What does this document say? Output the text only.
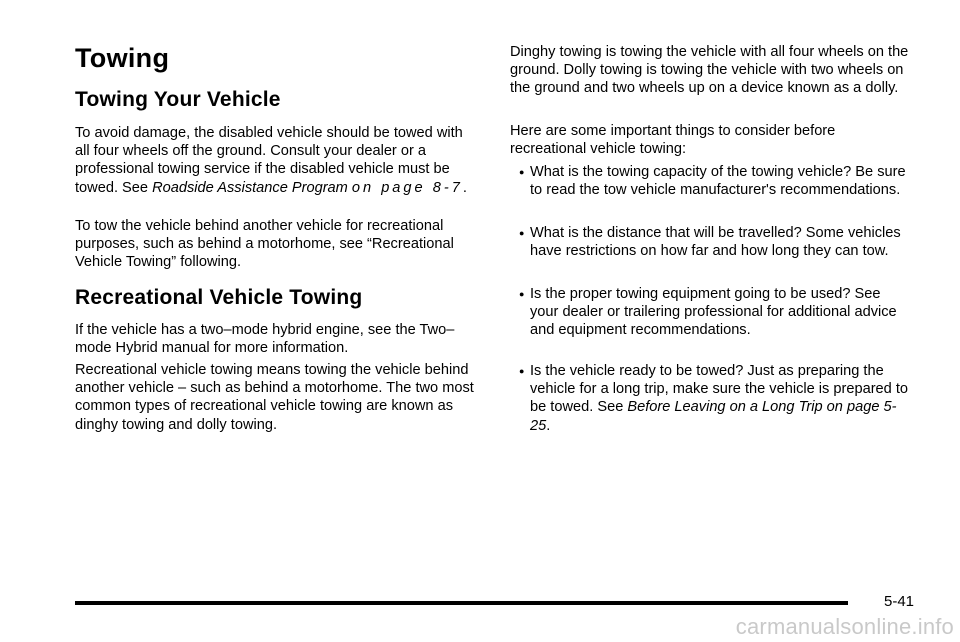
Towing
Towing Your Vehicle

To avoid damage, the disabled vehicle should be towed with all four wheels off the ground. Consult your dealer or a professional towing service if the disabled vehicle must be towed. See Roadside Assistance Program on page 8-7.

To tow the vehicle behind another vehicle for recreational purposes, such as behind a motorhome, see “Recreational Vehicle Towing” following.

Recreational Vehicle Towing

If the vehicle has a two–mode hybrid engine, see the Two–mode Hybrid manual for more information.

Recreational vehicle towing means towing the vehicle behind another vehicle – such as behind a motorhome. The two most common types of recreational vehicle towing are known as dinghy towing and dolly towing.

Dinghy towing is towing the vehicle with all four wheels on the ground. Dolly towing is towing the vehicle with two wheels on the ground and two wheels up on a device known as a dolly.

Here are some important things to consider before recreational vehicle towing:

● What is the towing capacity of the towing vehicle? Be sure to read the tow vehicle manufacturer's recommendations.
● What is the distance that will be travelled? Some vehicles have restrictions on how far and how long they can tow.
● Is the proper towing equipment going to be used? See your dealer or trailering professional for additional advice and equipment recommendations.
● Is the vehicle ready to be towed? Just as preparing the vehicle for a long trip, make sure the vehicle is prepared to be towed. See Before Leaving on a Long Trip on page 5-25.
5-41
carmanualsonline.info
